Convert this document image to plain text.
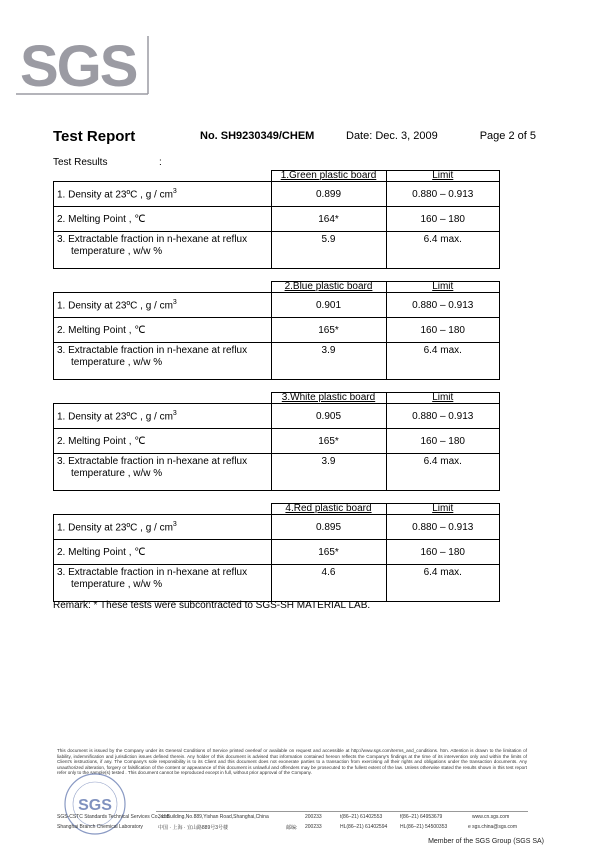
SGS
Test Report	No. SH9230349/CHEM	Date: Dec. 3, 2009	Page 2 of 5
Test Results	:
	1.Green plastic board	Limit
1. Density at 23ºC , g / $cm^3$	0.899	0.880 – 0.913
2. Melting Point , ℃	164*	160 – 180
3. Extractable fraction in n-hexane at reflux
temperature , w/w %	5.9	6.4 max.
	2.Blue plastic board	Limit
1. Density at 23ºC , g / $cm^3$	0.901	0.880 – 0.913
2. Melting Point , ℃	165*	160 – 180
3. Extractable fraction in n-hexane at reflux
temperature , w/w %	3.9	6.4 max.
	3.White plastic board	Limit
1. Density at 23ºC , g / $cm^3$	0.905	0.880 – 0.913
2. Melting Point , ℃	165*	160 – 180
3. Extractable fraction in n-hexane at reflux
temperature , w/w %	3.9	6.4 max.
	4.Red plastic board	Limit
1. Density at 23ºC , g / $cm^3$	0.895	0.880 – 0.913
2. Melting Point , ℃	165*	160 – 180
3. Extractable fraction in n-hexane at reflux
temperature , w/w %	4.6	6.4 max.
Remark: * These tests were subcontracted to SGS-SH MATERIAL LAB.
This document is issued by the Company under its General Conditions of Service printed overleaf or available on request and accessible at http://www.sgs.com/terms_and_conditions. htm. Attention is drawn to the limitation of liability, indemnification and jurisdiction issues defined therein. Any holder of this document is advised that information contained hereon reflects the Company's findings at the time of its intervention only and within the limits of Client's instructions, if any. The Company's sole responsibility is to its Client and this document does not exonerate parties to a transaction from exercising all their rights and obligations under the transaction documents. Any unauthorized alteration, forgery or falsification of the content or appearance of this document is unlawful and offenders may be prosecuted to the fullest extent of the law. Unless otherwise stated the results shown in this test report refer only to the sample(s) tested . This document cannot be reproduced except in full, without prior approval of the Company.
SGS
SGS-CSTC Standards Technical Services Co., Ltd.
Shanghai Branch Chemical Laboratory
3rd Building,No.889,Yishan Road,Shanghai,China
中国 · 上海 · 宜山路889号3号楼
200233
邮编: 200233
t(86–21) 61402553	f(86–21) 64953679
HL(86–21) 61402594	HL(86–21) 54500353
www.cn.sgs.com
e sgs.china@sgs.com
Member of the SGS Group (SGS SA)
